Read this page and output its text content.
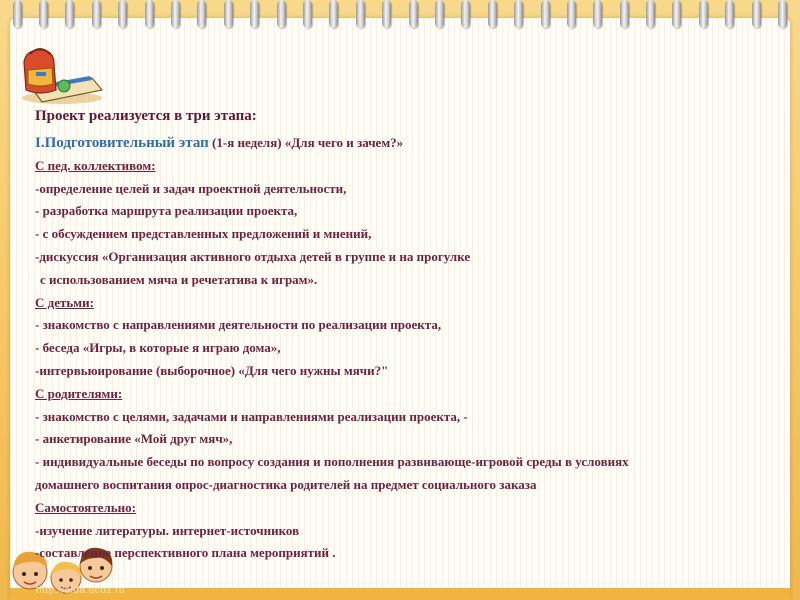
http://aida.ucoz.ru
Проект реализуется в три этапа:
I.Подготовительный этап (1-я неделя) «Для чего и зачем?»
С пед. коллективом:
-определение целей и задач проектной деятельности,
- разработка маршрута реализации проекта,
- с обсуждением представленных предложений и мнений,
-дискуссия «Организация активного отдыха детей в группе и на прогулке
с использованием мяча и речетатива к играм».
С детьми:
- знакомство с направлениями деятельности по реализации проекта,
- беседа «Игры, в которые я играю дома»,
-интервьюирование (выборочное) «Для чего нужны мячи?"
С родителями:
- знакомство с целями, задачами и направлениями реализации проекта, -
- анкетирование «Мой друг мяч»,
- индивидуальные беседы по вопросу создания и пополнения развивающе-игровой среды в условиях
домашнего воспитания опрос-диагностика родителей на предмет социального заказа
Самостоятельно:
-изучение литературы. интернет-источников
-составление перспективного плана мероприятий .
